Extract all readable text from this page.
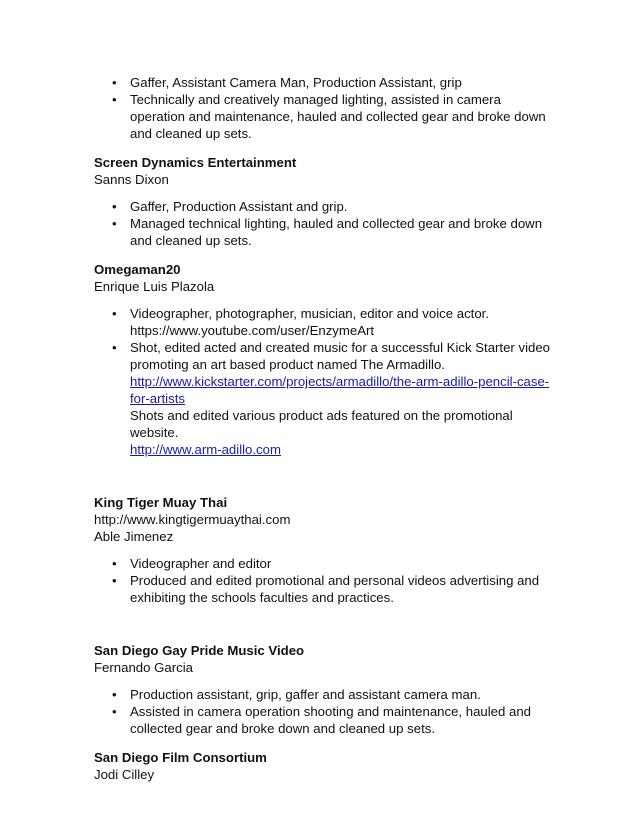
• Gaffer, Assistant Camera Man, Production Assistant, grip
• Technically and creatively managed lighting, assisted in camera operation and maintenance, hauled and collected gear and broke down and cleaned up sets.
Screen Dynamics Entertainment
Sanns Dixon
• Gaffer, Production Assistant and grip.
• Managed technical lighting, hauled and collected gear and broke down and cleaned up sets.
Omegaman20
Enrique Luis Plazola
• Videographer, photographer, musician, editor and voice actor.
https://www.youtube.com/user/EnzymeArt
• Shot, edited acted and created music for a successful Kick Starter video promoting an art based product named The Armadillo.
http://www.kickstarter.com/projects/armadillo/the-arm-adillo-pencil-case-for-artists
Shots and edited various product ads featured on the promotional website.
http://www.arm-adillo.com
King Tiger Muay Thai
http://www.kingtigermuaythai.com
Able Jimenez
• Videographer and editor
• Produced and edited promotional and personal videos advertising and exhibiting the schools faculties and practices.
San Diego Gay Pride Music Video
Fernando Garcia
• Production assistant, grip, gaffer and assistant camera man.
• Assisted in camera operation shooting and maintenance, hauled and collected gear and broke down and cleaned up sets.
San Diego Film Consortium
Jodi Cilley
